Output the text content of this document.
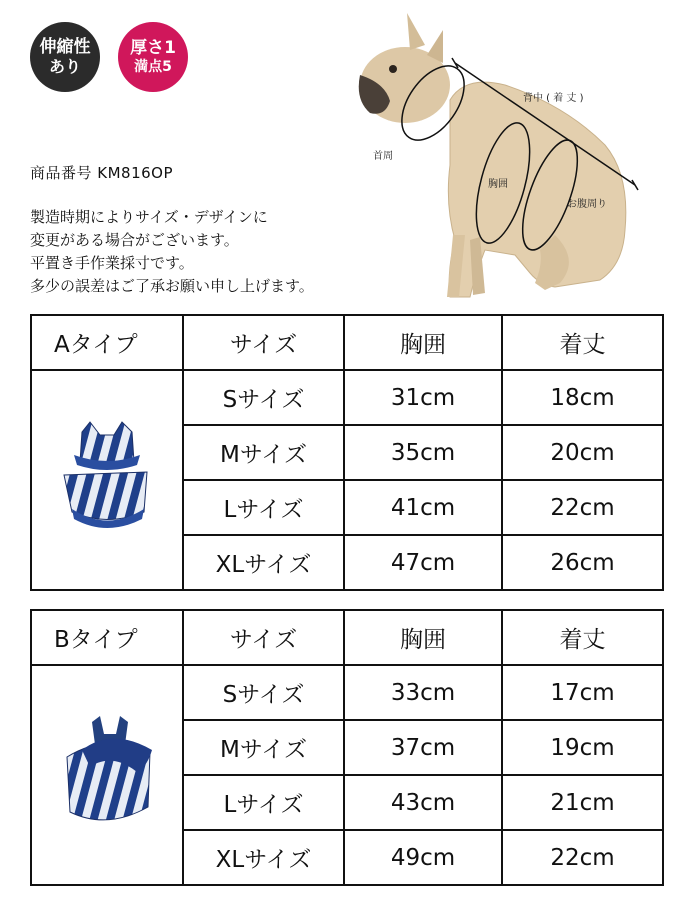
伸縮性
あり
厚さ1
満点5
商品番号 KM816OP
製造時期によりサイズ・デザインに
変更がある場合がございます。
平置き手作業採寸です。
多少の誤差はご了承お願い申し上げます。
背中 ( 着 丈 )
首周
胸囲
お腹周り
Aタイプ	サイズ	胸囲	着丈
	Sサイズ	31cm	18cm
	Mサイズ	35cm	20cm
	Lサイズ	41cm	22cm
	XLサイズ	47cm	26cm
Bタイプ	サイズ	胸囲	着丈
	Sサイズ	33cm	17cm
	Mサイズ	37cm	19cm
	Lサイズ	43cm	21cm
	XLサイズ	49cm	22cm
